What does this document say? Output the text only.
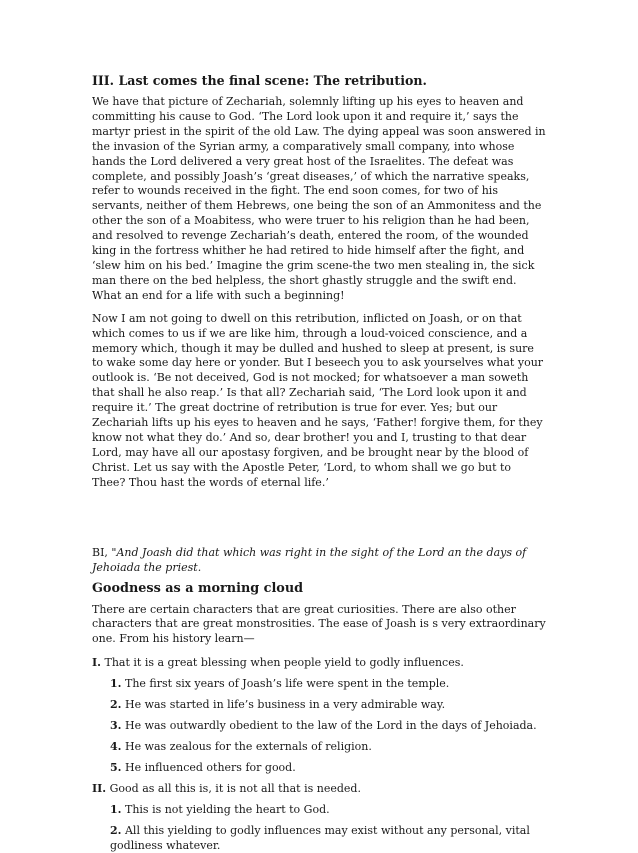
III. Last comes the final scene: The retribution.

We have that picture of Zechariah, solemnly lifting up his eyes to heaven and committing his cause to God. ‘The Lord look upon it and require it,’ says the martyr priest in the spirit of the old Law. The dying appeal was soon answered in the invasion of the Syrian army, a comparatively small company, into whose hands the Lord delivered a very great host of the Israelites. The defeat was complete, and possibly Joash’s ‘great diseases,’ of which the narrative speaks, refer to wounds received in the fight. The end soon comes, for two of his servants, neither of them Hebrews, one being the son of an Ammonitess and the other the son of a Moabitess, who were truer to his religion than he had been, and resolved to revenge Zechariah’s death, entered the room, of the wounded king in the fortress whither he had retired to hide himself after the fight, and ‘slew him on his bed.’ Imagine the grim scene-the two men stealing in, the sick man there on the bed helpless, the short ghastly struggle and the swift end. What an end for a life with such a beginning!

Now I am not going to dwell on this retribution, inflicted on Joash, or on that which comes to us if we are like him, through a loud-voiced conscience, and a memory which, though it may be dulled and hushed to sleep at present, is sure to wake some day here or yonder. But I beseech you to ask yourselves what your outlook is. ‘Be not deceived, God is not mocked; for whatsoever a man soweth that shall he also reap.’ Is that all? Zechariah said, ‘The Lord look upon it and require it.’ The great doctrine of retribution is true for ever. Yes; but our Zechariah lifts up his eyes to heaven and he says, ‘Father! forgive them, for they know not what they do.’ And so, dear brother! you and I, trusting to that dear Lord, may have all our apostasy forgiven, and be brought near by the blood of Christ. Let us say with the Apostle Peter, ‘Lord, to whom shall we go but to Thee? Thou hast the words of eternal life.’

BI, "And Joash did that which was right in the sight of the Lord an the days of Jehoiada the priest.

Goodness as a morning cloud

There are certain characters that are great curiosities. There are also other characters that are great monstrosities. The ease of Joash is s very extraordinary one. From his history learn—

I. That it is a great blessing when people yield to godly influences.

1. The first six years of Joash’s life were spent in the temple.

2. He was started in life’s business in a very admirable way.

3. He was outwardly obedient to the law of the Lord in the days of Jehoiada.

4. He was zealous for the externals of religion.

5. He influenced others for good.

II. Good as all this is, it is not all that is needed.

1. This is not yielding the heart to God.

2. All this yielding to godly influences may exist without any personal, vital godliness whatever.
